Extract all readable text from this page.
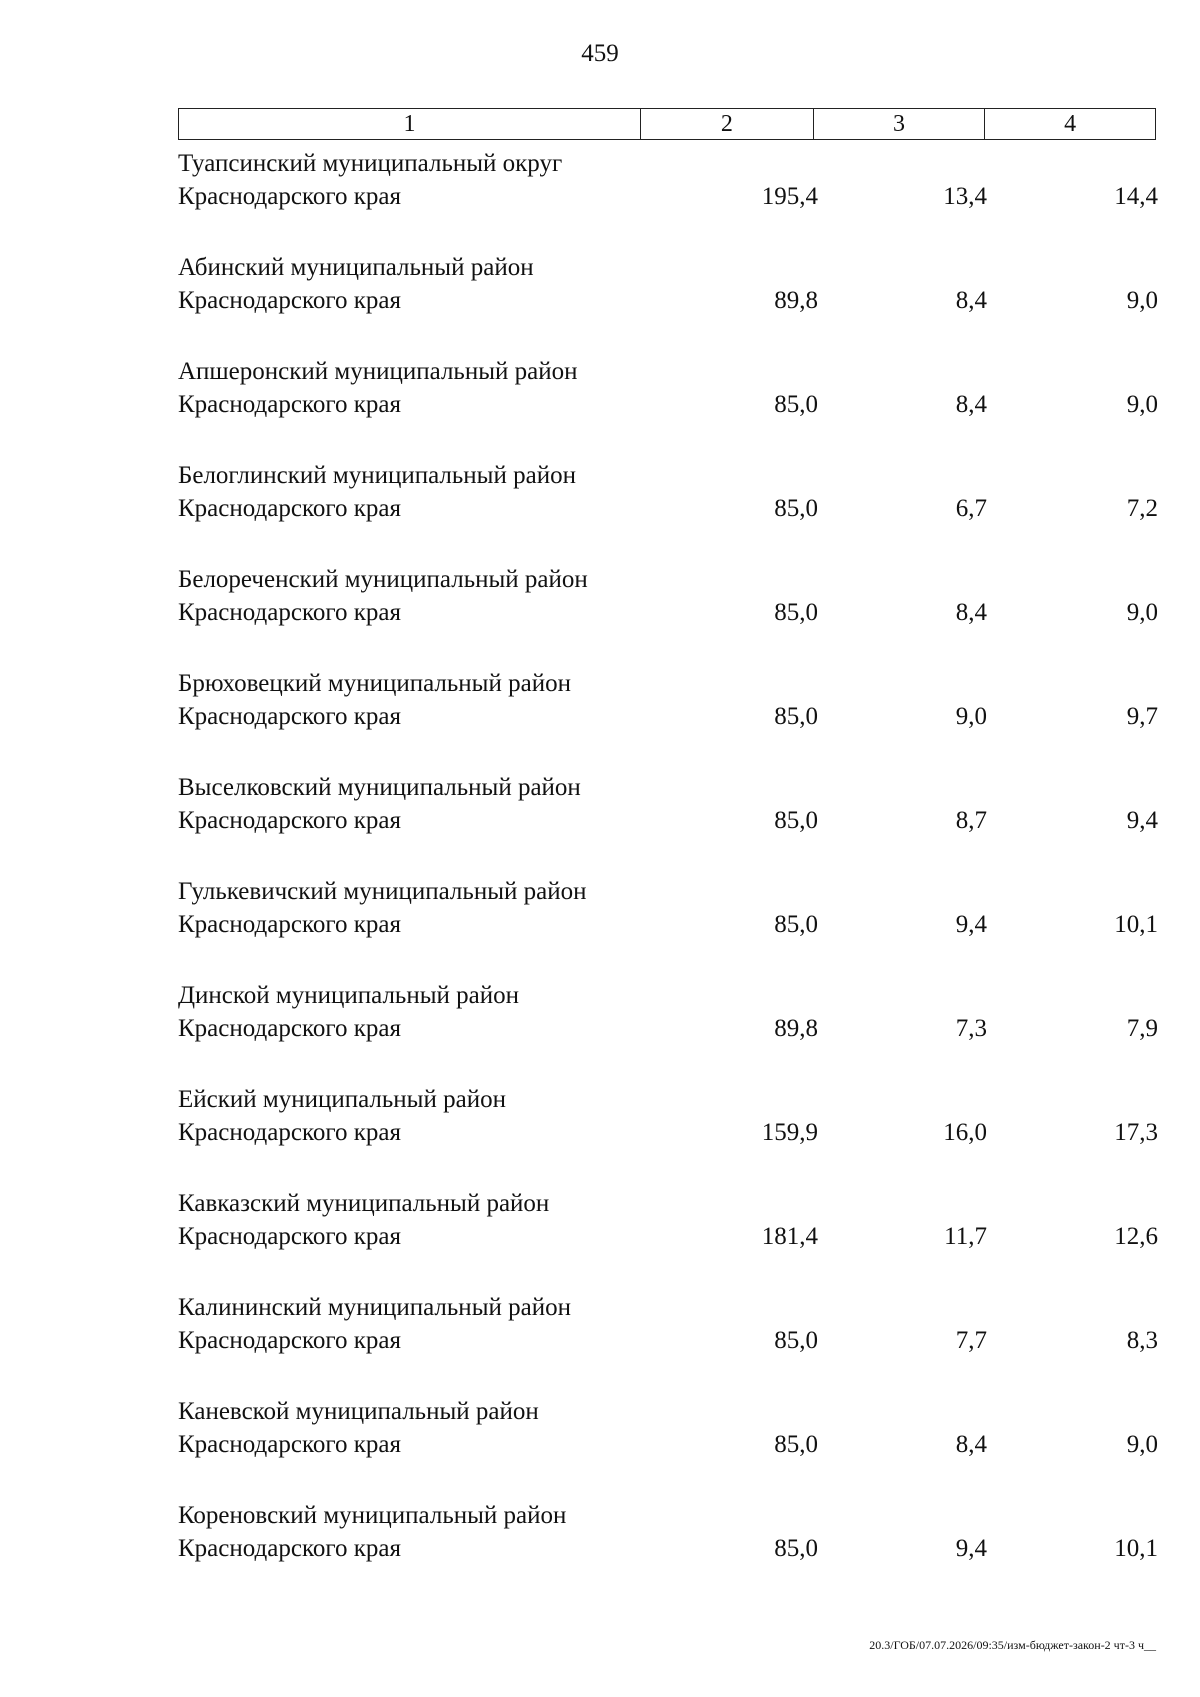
459
1	2	3	4
Туапсинский муниципальный округ Краснодарского края	195,4	13,4	14,4
Абинский муниципальный район Краснодарского края	89,8	8,4	9,0
Апшеронский муниципальный район Краснодарского края	85,0	8,4	9,0
Белоглинский муниципальный район Краснодарского края	85,0	6,7	7,2
Белореченский муниципальный район Краснодарского края	85,0	8,4	9,0
Брюховецкий муниципальный район Краснодарского края	85,0	9,0	9,7
Выселковский муниципальный район Краснодарского края	85,0	8,7	9,4
Гулькевичский муниципальный район Краснодарского края	85,0	9,4	10,1
Динской муниципальный район Краснодарского края	89,8	7,3	7,9
Ейский муниципальный район Краснодарского края	159,9	16,0	17,3
Кавказский муниципальный район Краснодарского края	181,4	11,7	12,6
Калининский муниципальный район Краснодарского края	85,0	7,7	8,3
Каневской муниципальный район Краснодарского края	85,0	8,4	9,0
Кореновский муниципальный район Краснодарского края	85,0	9,4	10,1
20.3/ГОБ/07.07.2026/09:35/изм-бюджет-закон-2 чт-3 ч__
